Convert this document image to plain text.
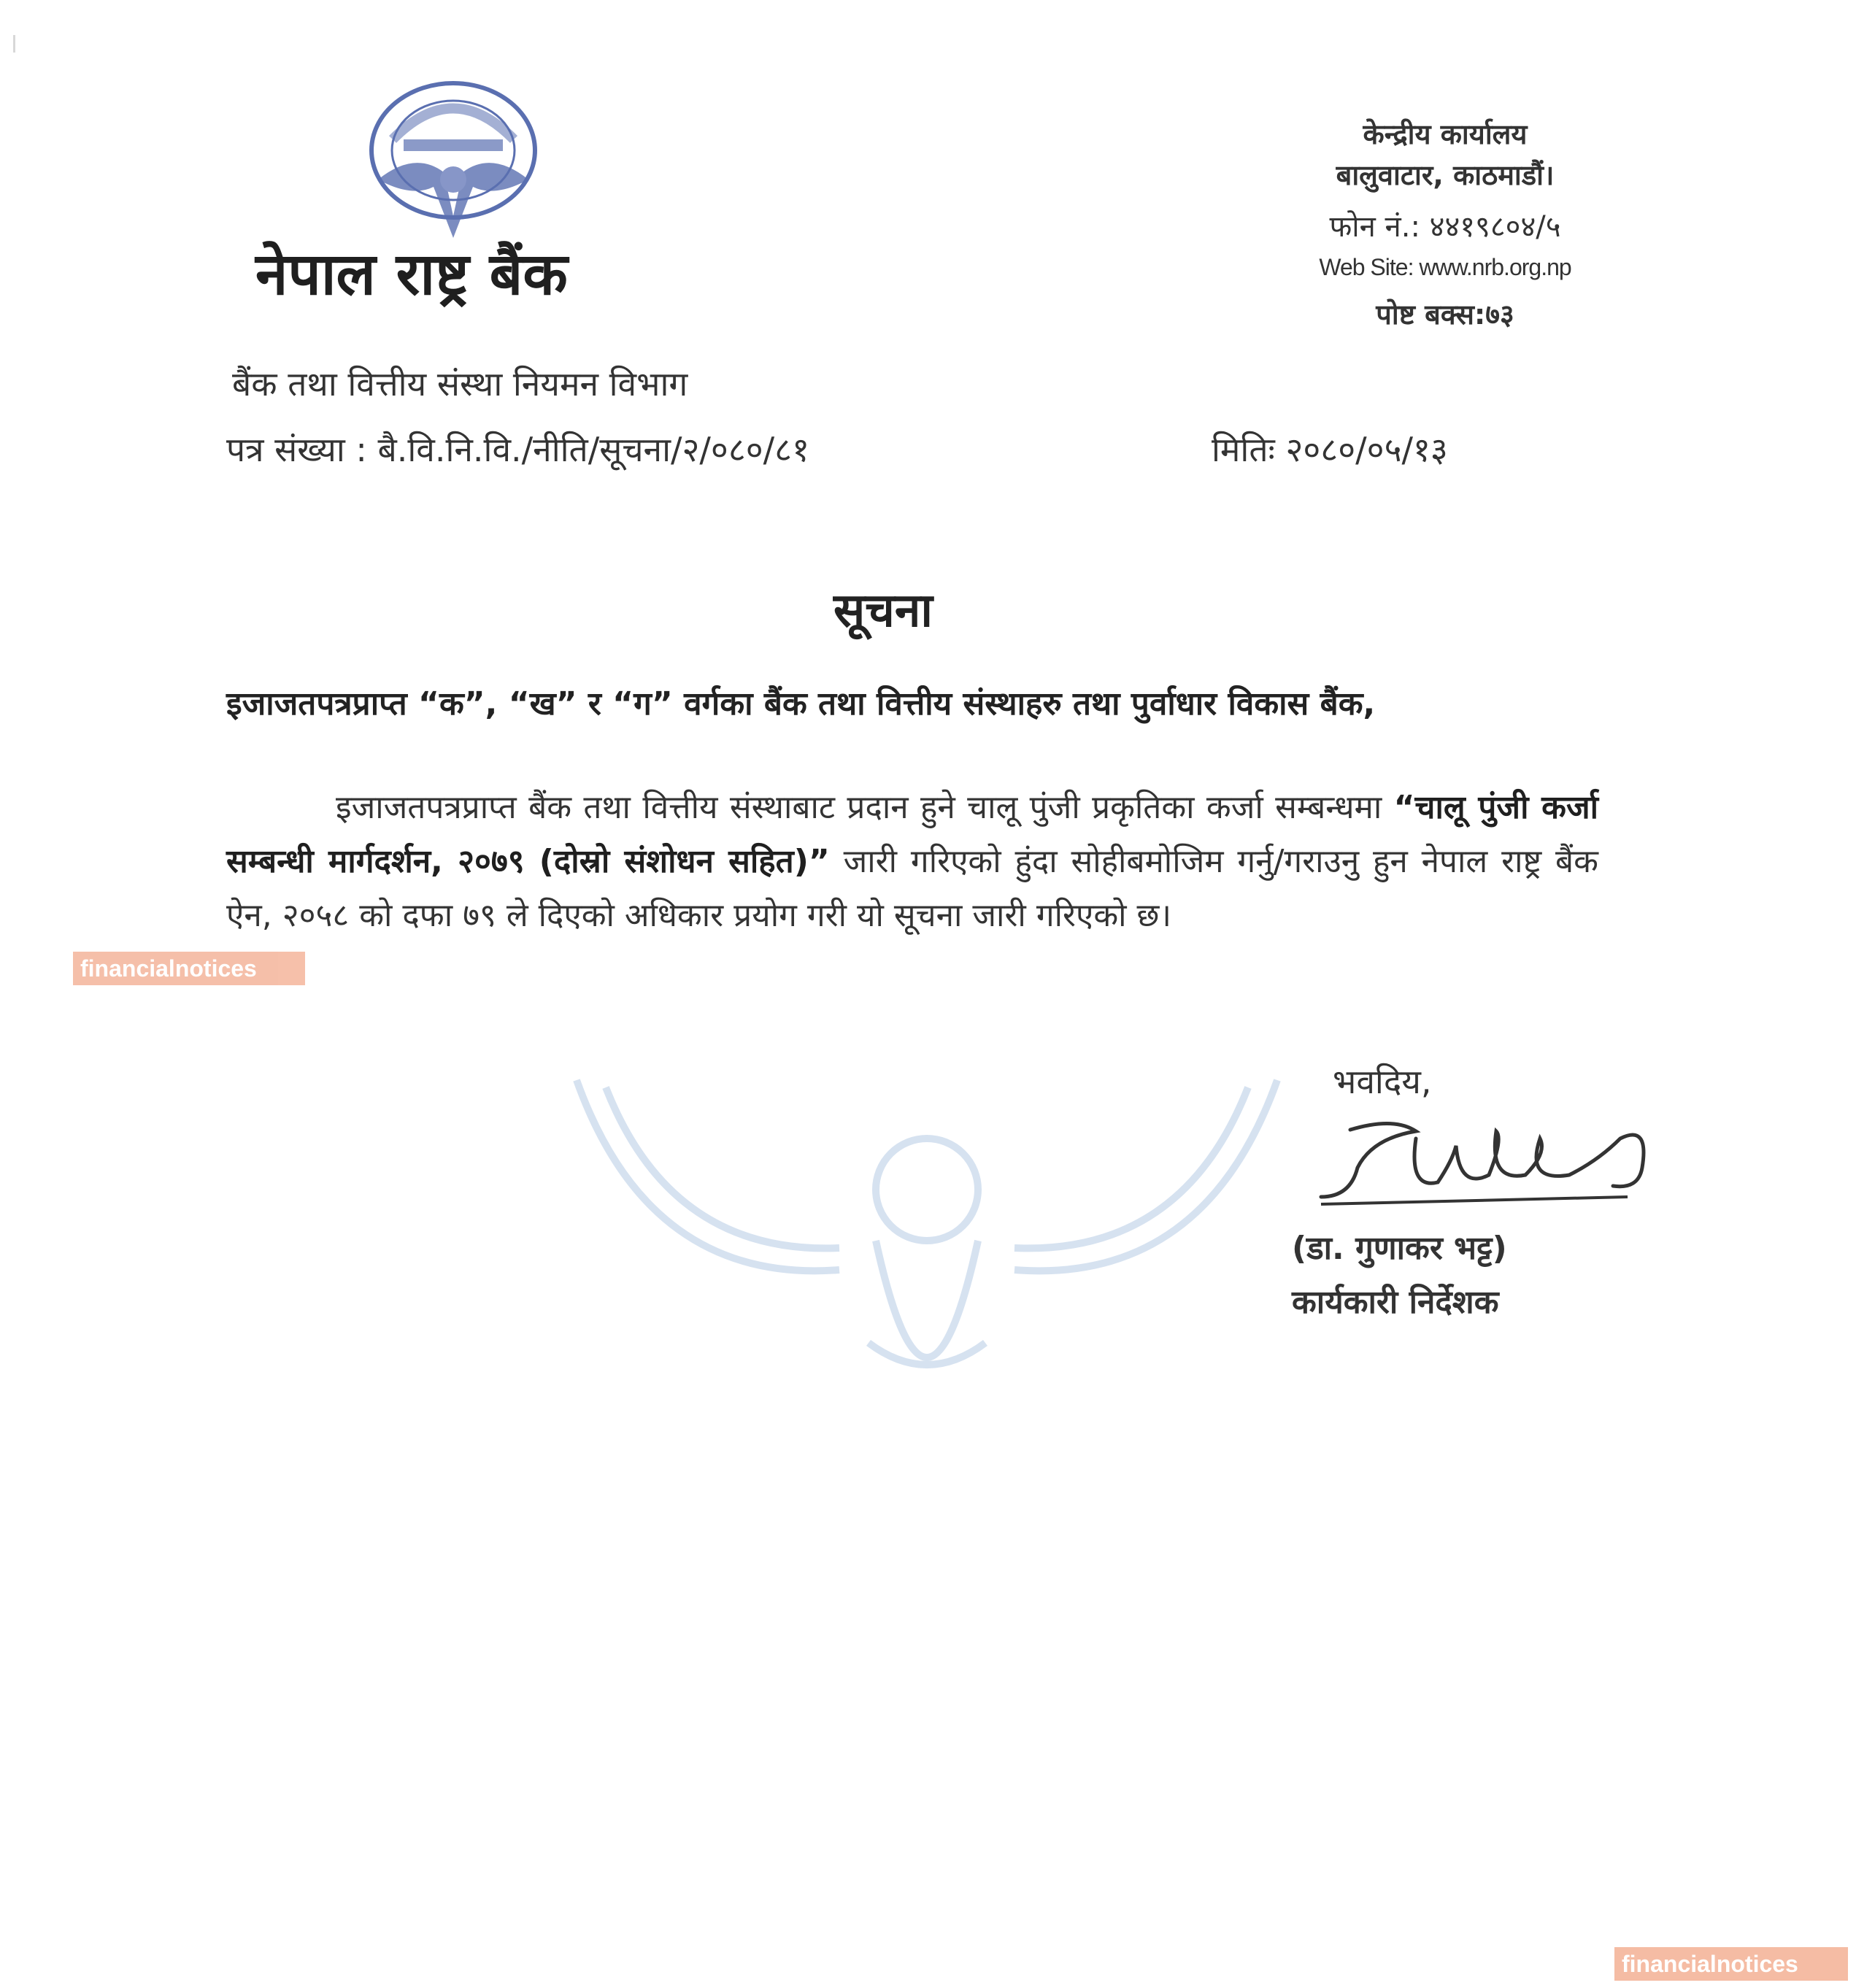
नेपाल राष्ट्र बैंक
केन्द्रीय कार्यालय
बालुवाटार, काठमाडौं।
फोन नं.: ४४१९८०४/५
Web Site: www.nrb.org.np
पोष्ट बक्स:७३
बैंक तथा वित्तीय संस्था नियमन विभाग
पत्र संख्या : बै.वि.नि.वि./नीति/सूचना/२/०८०/८१	मितिः २०८०/०५/१३
सूचना
इजाजतपत्रप्राप्त “क”, “ख” र “ग” वर्गका बैंक तथा वित्तीय संस्थाहरु तथा पुर्वाधार विकास बैंक,
इजाजतपत्रप्राप्त बैंक तथा वित्तीय संस्थाबाट प्रदान हुने चालू पुंजी प्रकृतिका कर्जा सम्बन्धमा “चालू पुंजी कर्जा सम्बन्धी मार्गदर्शन, २०७९ (दोस्रो संशोधन सहित)” जारी गरिएको हुंदा सोहीबमोजिम गर्नु/गराउनु हुन नेपाल राष्ट्र बैंक ऐन, २०५८ को दफा ७९ ले दिएको अधिकार प्रयोग गरी यो सूचना जारी गरिएको छ।
भवदिय,
(डा. गुणाकर भट्ट)
कार्यकारी निर्देशक
financialnotices
financialnotices
